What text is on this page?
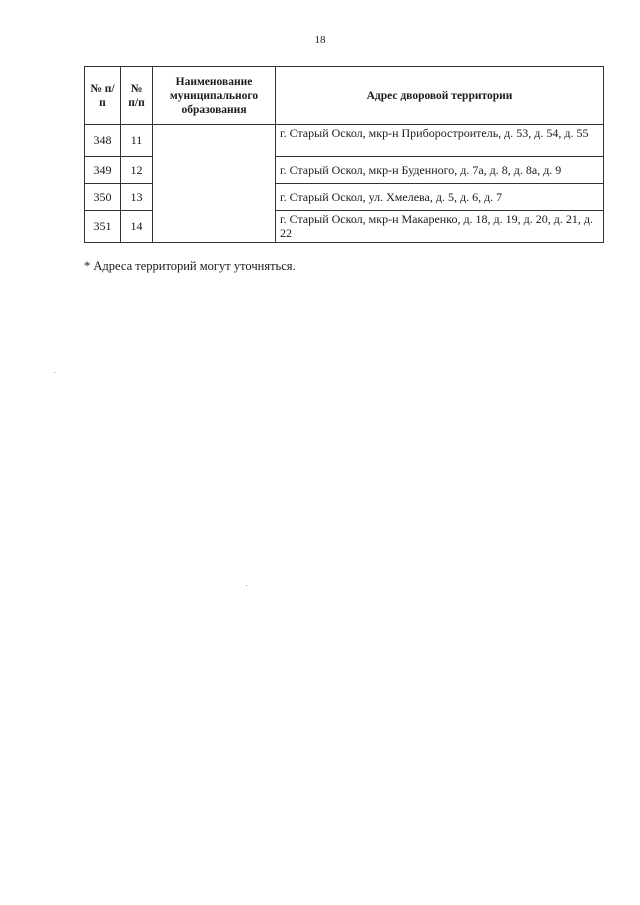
18
№ п/п	№ п/п	Наименование муниципального образования	Адрес дворовой территории
348	11		г. Старый Оскол, мкр-н Приборостроитель, д. 53, д. 54, д. 55
349	12		г. Старый Оскол, мкр-н Буденного, д. 7а, д. 8, д. 8а, д. 9
350	13		г. Старый Оскол, ул. Хмелева, д. 5, д. 6, д. 7
351	14		г. Старый Оскол, мкр-н Макаренко, д. 18, д. 19, д. 20, д. 21, д. 22
* Адреса территорий могут уточняться.
